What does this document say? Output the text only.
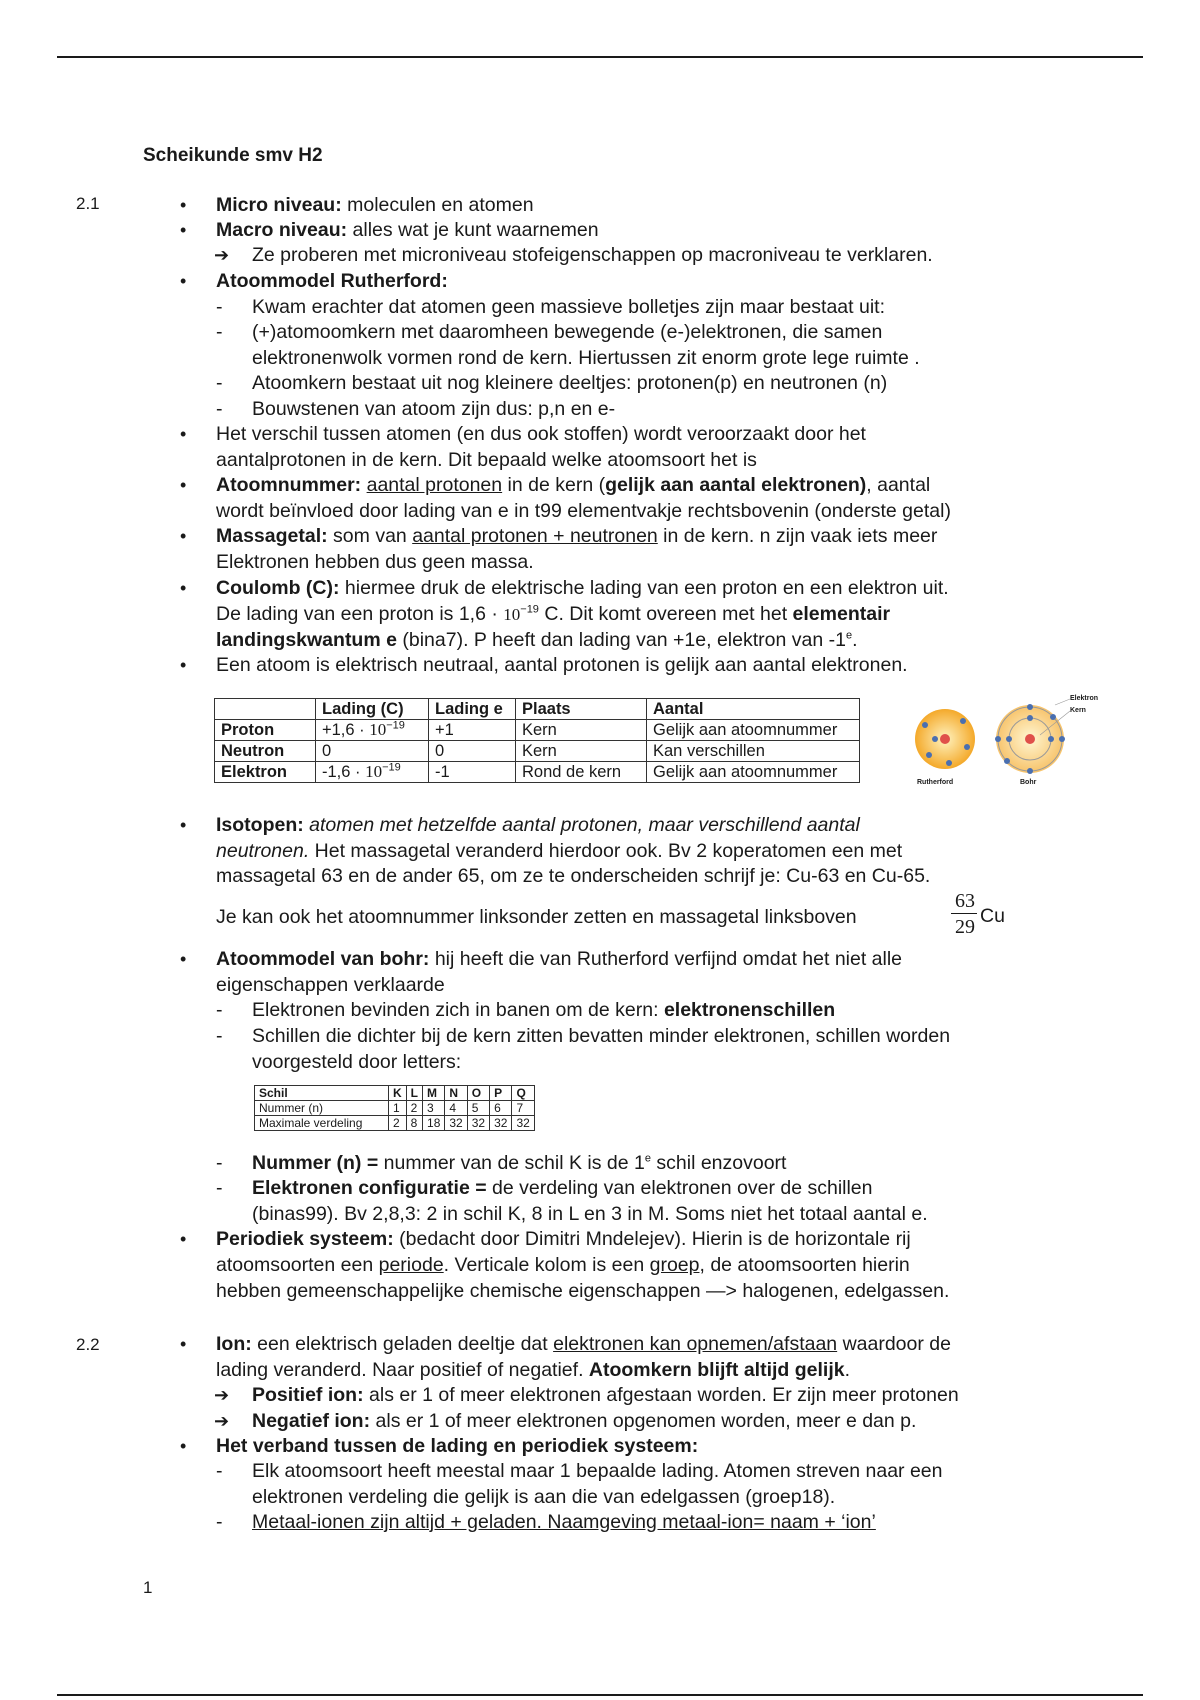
Scheikunde smv H2
2.1
2.2
• Micro niveau: moleculen en atomen
• Macro niveau: alles wat je kunt waarnemen
➔ Ze proberen met microniveau stofeigenschappen op macroniveau te verklaren.
• Atoommodel Rutherford:
- Kwam erachter dat atomen geen massieve bolletjes zijn maar bestaat uit:
- (+)atomoomkern met daaromheen bewegende (e-)elektronen, die samen
elektronenwolk vormen rond de kern. Hiertussen zit enorm grote lege ruimte .
- Atoomkern bestaat uit nog kleinere deeltjes: protonen(p) en neutronen (n)
- Bouwstenen van atoom zijn dus: p,n en e-
• Het verschil tussen atomen (en dus ook stoffen) wordt veroorzaakt door het
aantalprotonen in de kern. Dit bepaald welke atoomsoort het is
• Atoomnummer: aantal protonen in de kern (gelijk aan aantal elektronen), aantal
wordt beïnvloed door lading van e in t99 elementvakje rechtsbovenin (onderste getal)
• Massagetal: som van aantal protonen + neutronen in de kern. n zijn vaak iets meer
Elektronen hebben dus geen massa.
• Coulomb (C): hiermee druk de elektrische lading van een proton en een elektron uit.
De lading van een proton is $1,6 \cdot 10^{-19}$ C. Dit komt overeen met het elementair
landingskwantum e (bina7). P heeft dan lading van +1e, elektron van -1e.
• Een atoom is elektrisch neutraal, aantal protonen is gelijk aan aantal elektronen.
• Isotopen: atomen met hetzelfde aantal protonen, maar verschillend aantal
neutronen. Het massagetal veranderd hierdoor ook. Bv 2 koperatomen een met
massagetal 63 en de ander 65, om ze te onderscheiden schrijf je: Cu-63 en Cu-65.
Je kan ook het atoomnummer linksonder zetten en massagetal linksboven
• Atoommodel van bohr: hij heeft die van Rutherford verfijnd omdat het niet alle
eigenschappen verklaarde
- Elektronen bevinden zich in banen om de kern: elektronenschillen
- Schillen die dichter bij de kern zitten bevatten minder elektronen, schillen worden
voorgesteld door letters:
- Nummer (n) = nummer van de schil K is de 1e schil enzovoort
- Elektronen configuratie = de verdeling van elektronen over de schillen
(binas99). Bv 2,8,3: 2 in schil K, 8 in L en 3 in M. Soms niet het totaal aantal e.
• Periodiek systeem: (bedacht door Dimitri Mndelejev). Hierin is de horizontale rij
atoomsoorten een periode. Verticale kolom is een groep, de atoomsoorten hierin
hebben gemeenschappelijke chemische eigenschappen —> halogenen, edelgassen.
• Ion: een elektrisch geladen deeltje dat elektronen kan opnemen/afstaan waardoor de
lading veranderd. Naar positief of negatief. Atoomkern blijft altijd gelijk.
➔ Positief ion: als er 1 of meer elektronen afgestaan worden. Er zijn meer protonen
➔ Negatief ion: als er 1 of meer elektronen opgenomen worden, meer e dan p.
• Het verband tussen de lading en periodiek systeem:
- Elk atoomsoort heeft meestal maar 1 bepaalde lading. Atomen streven naar een
elektronen verdeling die gelijk is aan die van edelgassen (groep18).
- Metaal-ionen zijn altijd + geladen. Naamgeving metaal-ion= naam + ‘ion’
	Lading (C)	Lading e	Plaats	Aantal
Proton	$+1,6 \cdot 10^{-19}$	+1	Kern	Gelijk aan atoomnummer
Neutron	0	0	Kern	Kan verschillen
Elektron	$-1,6 \cdot 10^{-19}$	-1	Rond de kern	Gelijk aan atoomnummer
Rutherford	Bohr
Elektron
Kern
63
29 Cu
Schil	K	L	M	N	O	P	Q
Nummer (n)	1	2	3	4	5	6	7
Maximale verdeling	2	8	18	32	32	32	32
1
